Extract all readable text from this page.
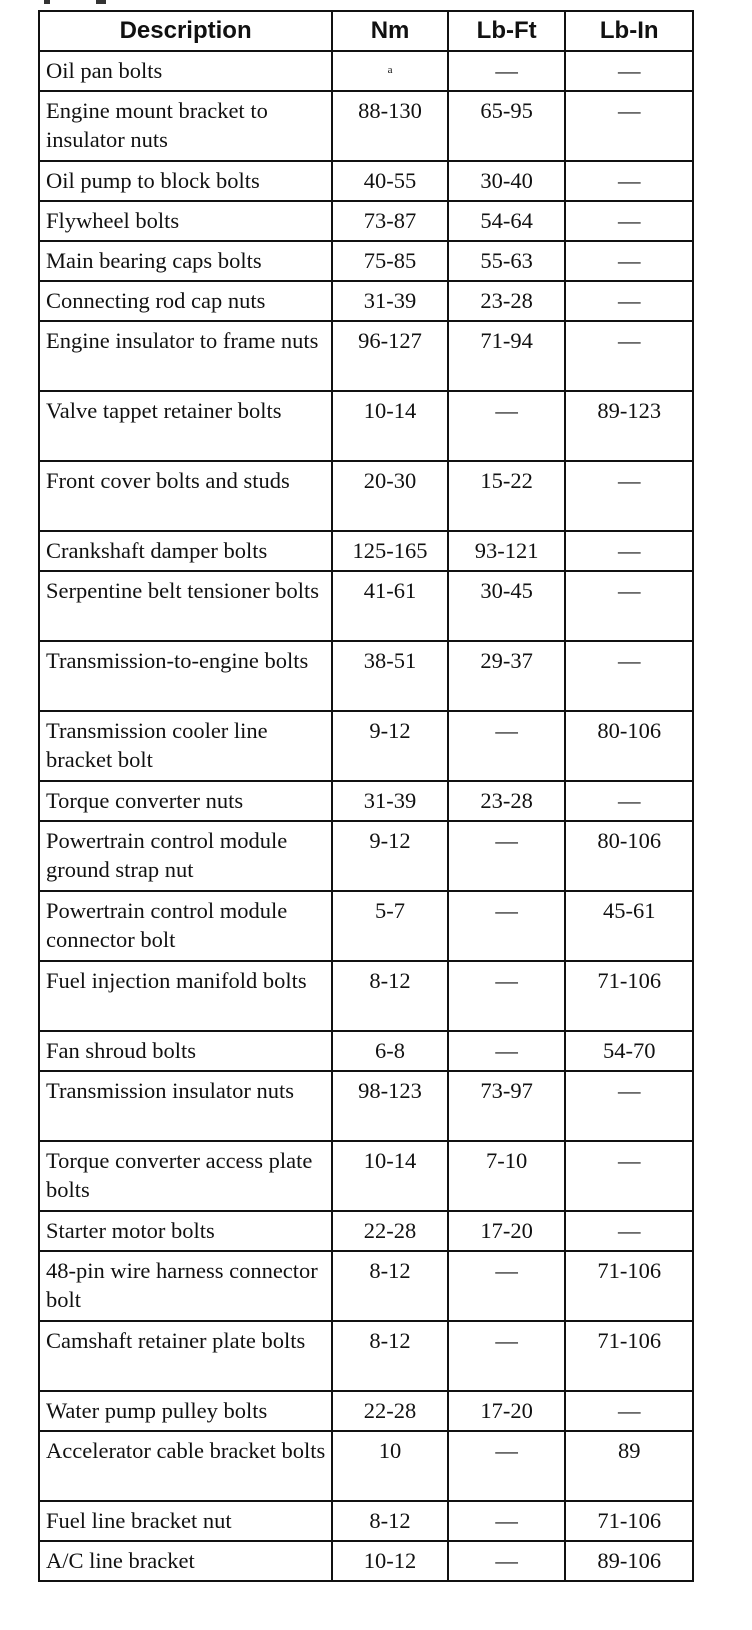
Description	Nm	Lb-Ft	Lb-In
Oil pan bolts	a	—	—
Engine mount bracket to insulator nuts	88-130	65-95	—
Oil pump to block bolts	40-55	30-40	—
Flywheel bolts	73-87	54-64	—
Main bearing caps bolts	75-85	55-63	—
Connecting rod cap nuts	31-39	23-28	—
Engine insulator to frame nuts	96-127	71-94	—
Valve tappet retainer bolts	10-14	—	89-123
Front cover bolts and studs	20-30	15-22	—
Crankshaft damper bolts	125-165	93-121	—
Serpentine belt tensioner bolts	41-61	30-45	—
Transmission-to-engine bolts	38-51	29-37	—
Transmission cooler line bracket bolt	9-12	—	80-106
Torque converter nuts	31-39	23-28	—
Powertrain control module ground strap nut	9-12	—	80-106
Powertrain control module connector bolt	5-7	—	45-61
Fuel injection manifold bolts	8-12	—	71-106
Fan shroud bolts	6-8	—	54-70
Transmission insulator nuts	98-123	73-97	—
Torque converter access plate bolts	10-14	7-10	—
Starter motor bolts	22-28	17-20	—
48-pin wire harness connector bolt	8-12	—	71-106
Camshaft retainer plate bolts	8-12	—	71-106
Water pump pulley bolts	22-28	17-20	—
Accelerator cable bracket bolts	10	—	89
Fuel line bracket nut	8-12	—	71-106
A/C line bracket	10-12	—	89-106
